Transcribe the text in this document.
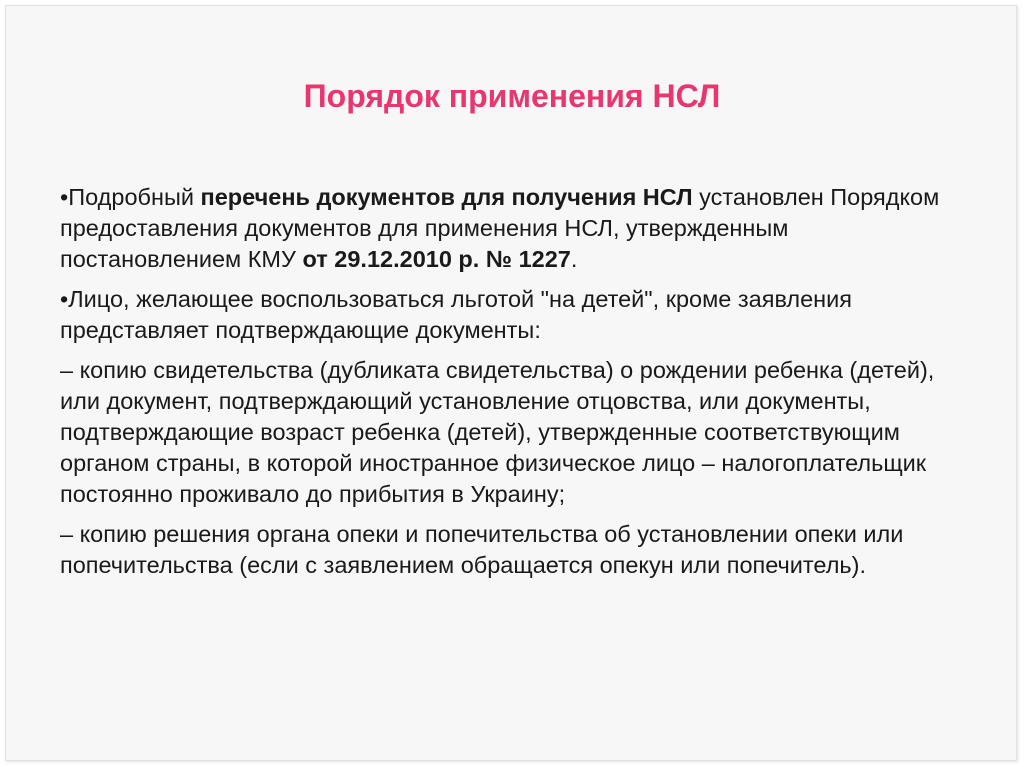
Порядок применения НСЛ

•Подробный перечень документов для получения НСЛ установлен Порядком предоставления документов для применения НСЛ, утвержденным постановлением КМУ от 29.12.2010 р. № 1227.

•Лицо, желающее воспользоваться льготой "на детей", кроме заявления представляет подтверждающие документы:

– копию свидетельства (дубликата свидетельства) о рождении ребенка (детей), или документ, подтверждающий установление отцовства, или документы, подтверждающие возраст ребенка (детей), утвержденные соответствующим органом страны, в которой иностранное физическое лицо – налогоплательщик постоянно проживало до прибытия в Украину;

– копию решения органа опеки и попечительства об установлении опеки или попечительства (если с заявлением обращается опекун или попечитель).
